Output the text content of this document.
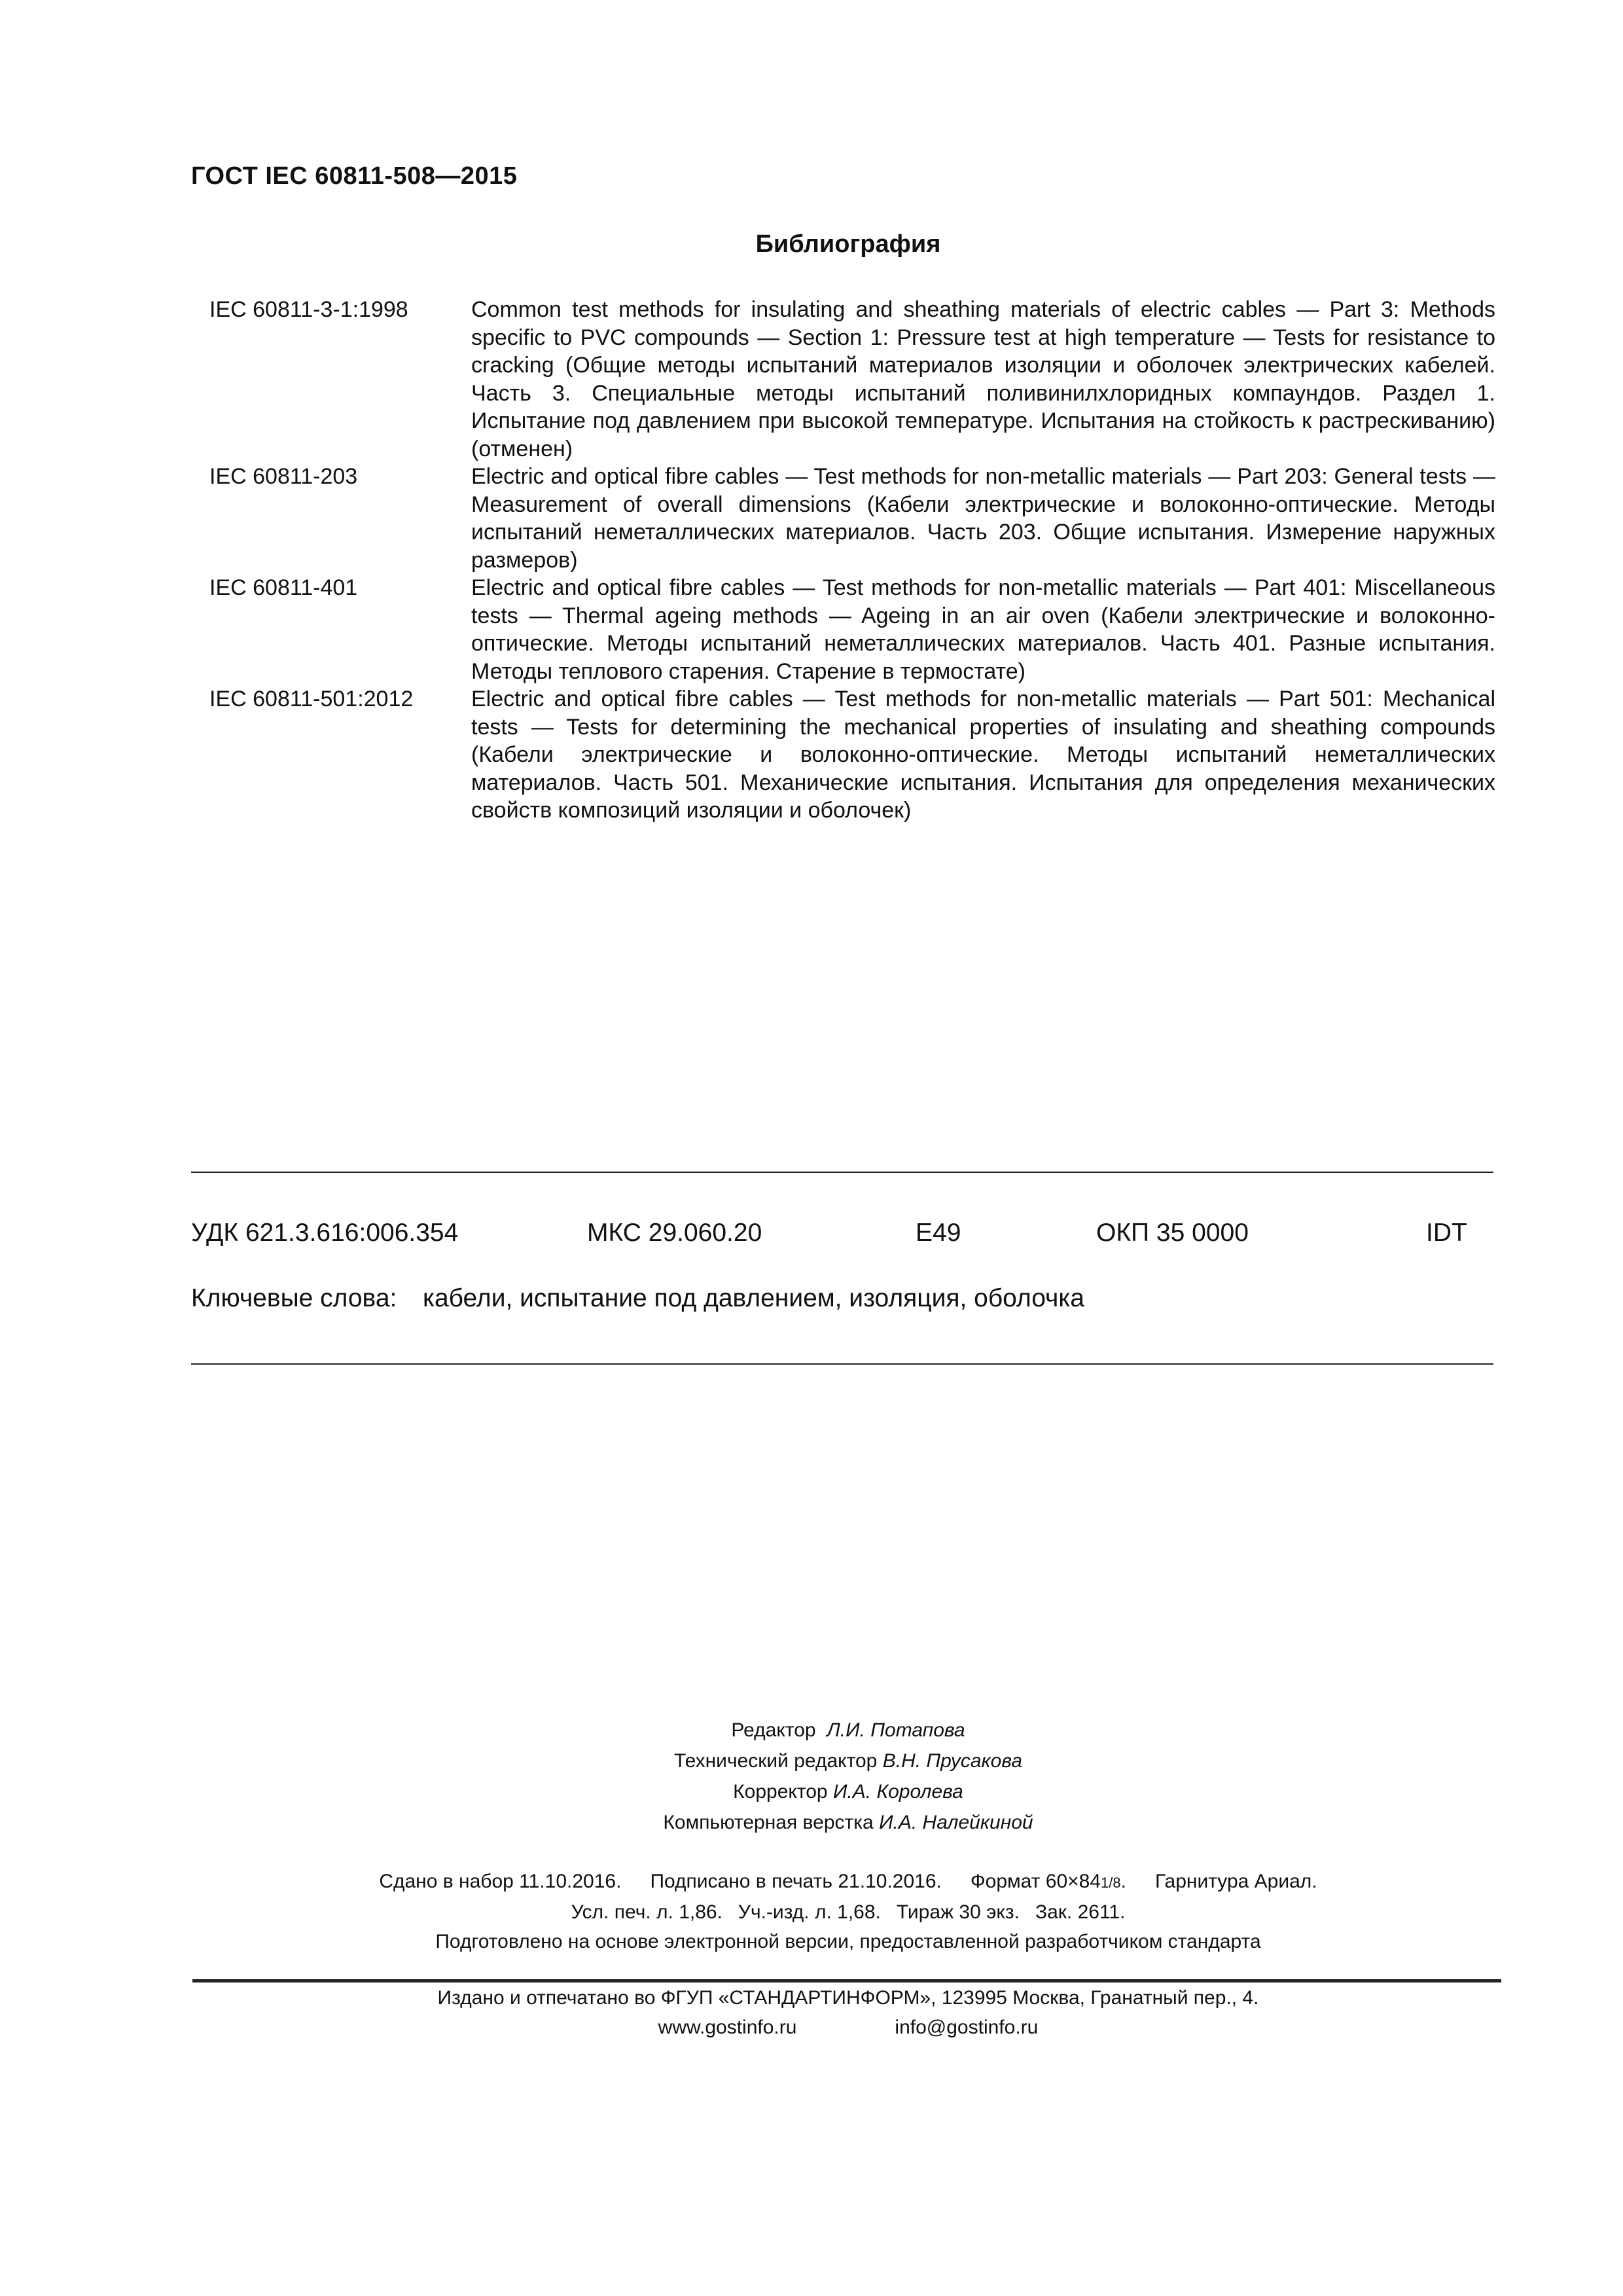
ГОСТ IEC 60811-508—2015
Библиография
IEC 60811-3-1:1998	Common test methods for insulating and sheathing materials of electric cables — Part 3: Methods specific to PVC compounds — Section 1: Pressure test at high temperature — Tests for resistance to cracking (Общие методы испытаний материалов изоляции и оболочек электрических кабелей. Часть 3. Специальные методы испытаний поливинилхлоридных компаундов. Раздел 1. Испытание под давлением при высокой температуре. Испытания на стойкость к растрескиванию) (отменен)
IEC 60811-203	Electric and optical fibre cables — Test methods for non-metallic materials — Part 203: General tests — Measurement of overall dimensions (Кабели электрические и волоконно-оптические. Методы испытаний неметаллических материалов. Часть 203. Общие испытания. Измерение наружных размеров)
IEC 60811-401	Electric and optical fibre cables — Test methods for non-metallic materials — Part 401: Miscellaneous tests — Thermal ageing methods — Ageing in an air oven (Кабели электрические и волоконно-оптические. Методы испытаний неметаллических материалов. Часть 401. Разные испытания. Методы теплового старения. Старение в термостате)
IEC 60811-501:2012	Electric and optical fibre cables — Test methods for non-metallic materials — Part 501: Mechanical tests — Tests for determining the mechanical properties of insulating and sheathing compounds (Кабели электрические и волоконно-оптические. Методы испытаний неметаллических материалов. Часть 501. Механические испытания. Испытания для определения механических свойств композиций изоляции и оболочек)
УДК 621.3.616:006.354	МКС 29.060.20	E49	ОКП 35 0000	IDT
Ключевые слова: кабели, испытание под давлением, изоляция, оболочка
Редактор Л.И. Потапова
Технический редактор В.Н. Прусакова
Корректор И.А. Королева
Компьютерная верстка И.А. Налейкиной
Сдано в набор 11.10.2016. Подписано в печать 21.10.2016. Формат 60×841/8. Гарнитура Ариал.
Усл. печ. л. 1,86. Уч.-изд. л. 1,68. Тираж 30 экз. Зак. 2611.
Подготовлено на основе электронной версии, предоставленной разработчиком стандарта
Издано и отпечатано во ФГУП «СТАНДАРТИНФОРМ», 123995 Москва, Гранатный пер., 4.
www.gostinfo.ru	info@gostinfo.ru
